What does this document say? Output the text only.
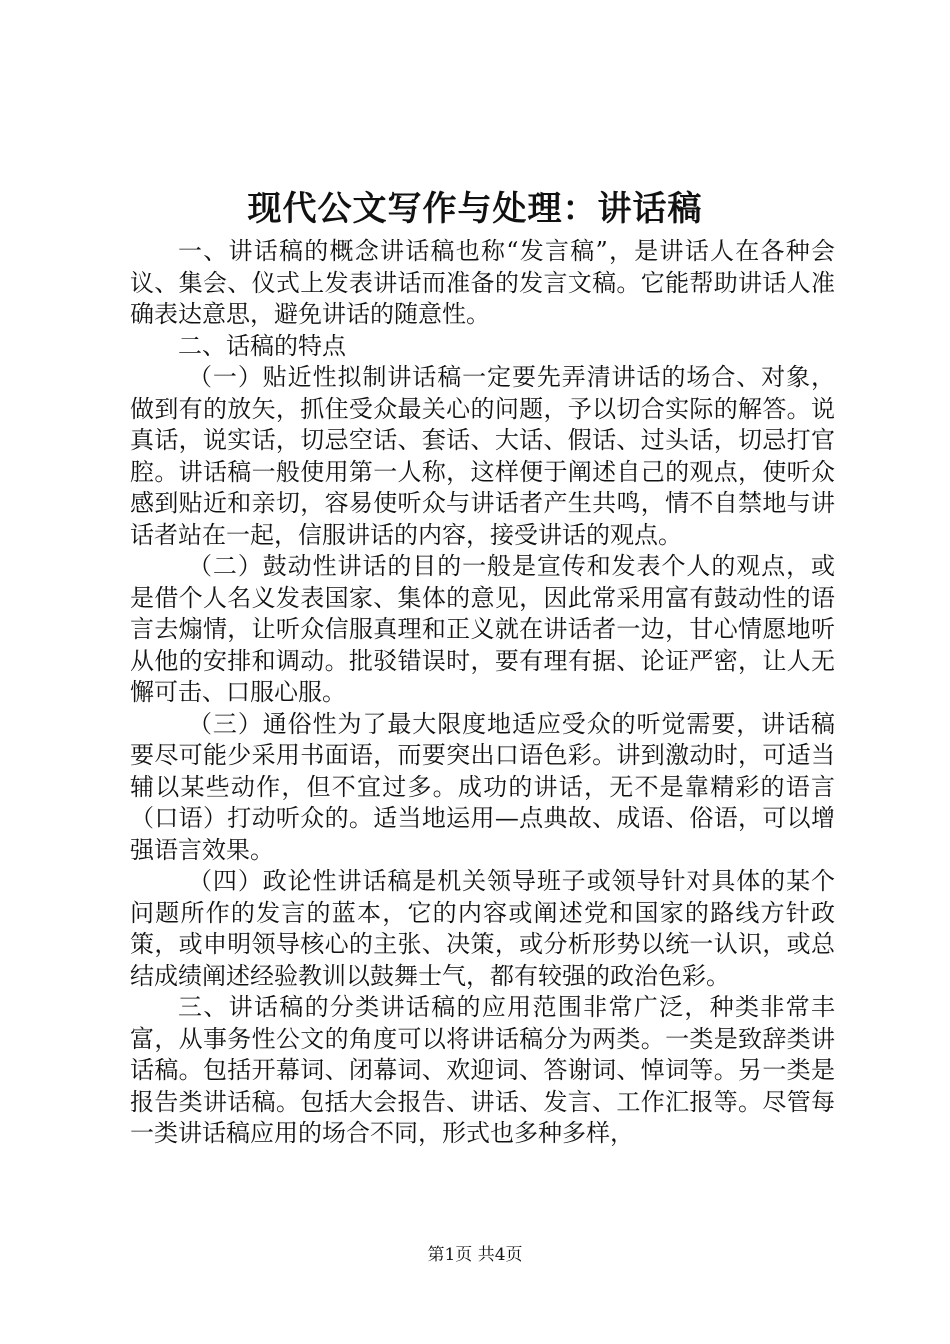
现代公文写作与处理：讲话稿

一、讲话稿的概念讲话稿也称“发言稿”，是讲话人在各种会议、集会、仪式上发表讲话而准备的发言文稿。它能帮助讲话人准确表达意思，避免讲话的随意性。

二、话稿的特点

（一）贴近性拟制讲话稿一定要先弄清讲话的场合、对象，做到有的放矢，抓住受众最关心的问题，予以切合实际的解答。说真话，说实话，切忌空话、套话、大话、假话、过头话，切忌打官腔。讲话稿一般使用第一人称，这样便于阐述自己的观点，使听众感到贴近和亲切，容易使听众与讲话者产生共鸣，情不自禁地与讲话者站在一起，信服讲话的内容，接受讲话的观点。

（二）鼓动性讲话的目的一般是宣传和发表个人的观点，或是借个人名义发表国家、集体的意见，因此常采用富有鼓动性的语言去煽情，让听众信服真理和正义就在讲话者一边，甘心情愿地听从他的安排和调动。批驳错误时，要有理有据、论证严密，让人无懈可击、口服心服。

（三）通俗性为了最大限度地适应受众的听觉需要，讲话稿要尽可能少采用书面语，而要突出口语色彩。讲到激动时，可适当辅以某些动作，但不宜过多。成功的讲话，无不是靠精彩的语言（口语）打动听众的。适当地运用—点典故、成语、俗语，可以增强语言效果。

（四）政论性讲话稿是机关领导班子或领导针对具体的某个问题所作的发言的蓝本，它的内容或阐述党和国家的路线方针政策，或申明领导核心的主张、决策，或分析形势以统一认识，或总结成绩阐述经验教训以鼓舞士气，都有较强的政治色彩。

三、讲话稿的分类讲话稿的应用范围非常广泛，种类非常丰富，从事务性公文的角度可以将讲话稿分为两类。一类是致辞类讲话稿。包括开幕词、闭幕词、欢迎词、答谢词、悼词等。另一类是报告类讲话稿。包括大会报告、讲话、发言、工作汇报等。尽管每一类讲话稿应用的场合不同，形式也多种多样，

第1页 共4页
